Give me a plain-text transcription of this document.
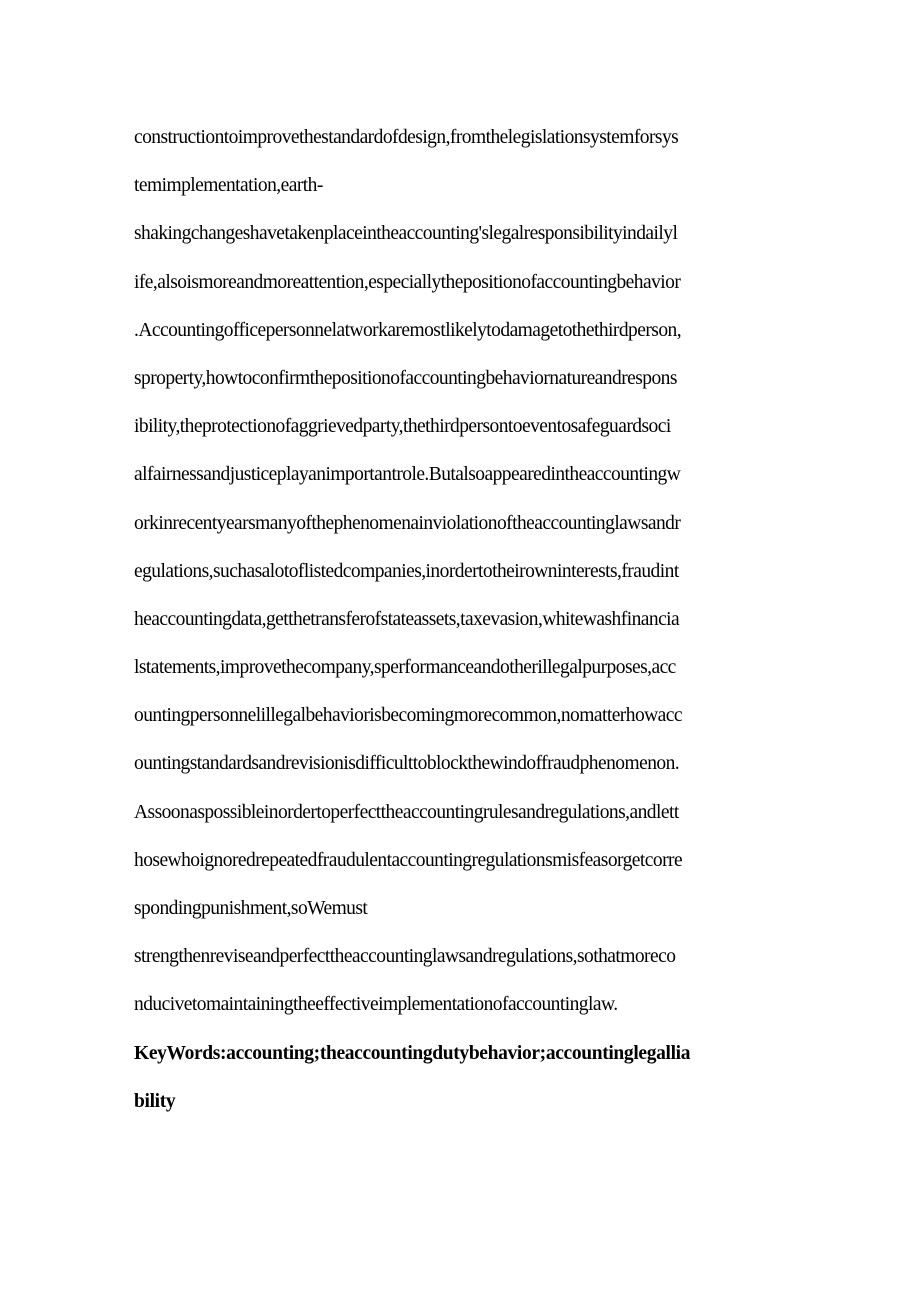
constructiontoimprovethestandardofdesign,fromthelegislationsystemforsys
temimplementation,earth-
shakingchangeshavetakenplaceintheaccounting'slegalresponsibilityindailyl
ife,alsoismoreandmoreattention,especiallythepositionofaccountingbehavior
.Accountingofficepersonnelatworkaremostlikelytodamagetothethirdperson,
sproperty,howtoconfirmthepositionofaccountingbehaviornatureandrespons
ibility,theprotectionofaggrievedparty,thethirdpersontoeventosafeguardsoci
alfairnessandjusticeplayanimportantrole.Butalsoappearedintheaccountingw
orkinrecentyearsmanyofthephenomenainviolationoftheaccountinglawsandr
egulations,suchasalotoflistedcompanies,inordertotheirowninterests,fraudint
heaccountingdata,getthetransferofstateassets,taxevasion,whitewashfinancia
lstatements,improvethecompany,sperformanceandotherillegalpurposes,acc
ountingpersonnelillegalbehaviorisbecomingmorecommon,nomatterhowacc
ountingstandardsandrevisionisdifficulttoblockthewindoffraudphenomenon.
Assoonaspossibleinordertoperfecttheaccountingrulesandregulations,andlett
hosewhoignoredrepeatedfraudulentaccountingregulationsmisfeasorgetcorre
spondingpunishment,soWemust
strengthenreviseandperfecttheaccountinglawsandregulations,sothatmoreco
nducivetomaintainingtheeffectiveimplementationofaccountinglaw.
KeyWords:accounting;theaccountingdutybehavior;accountinglegallia
bility
